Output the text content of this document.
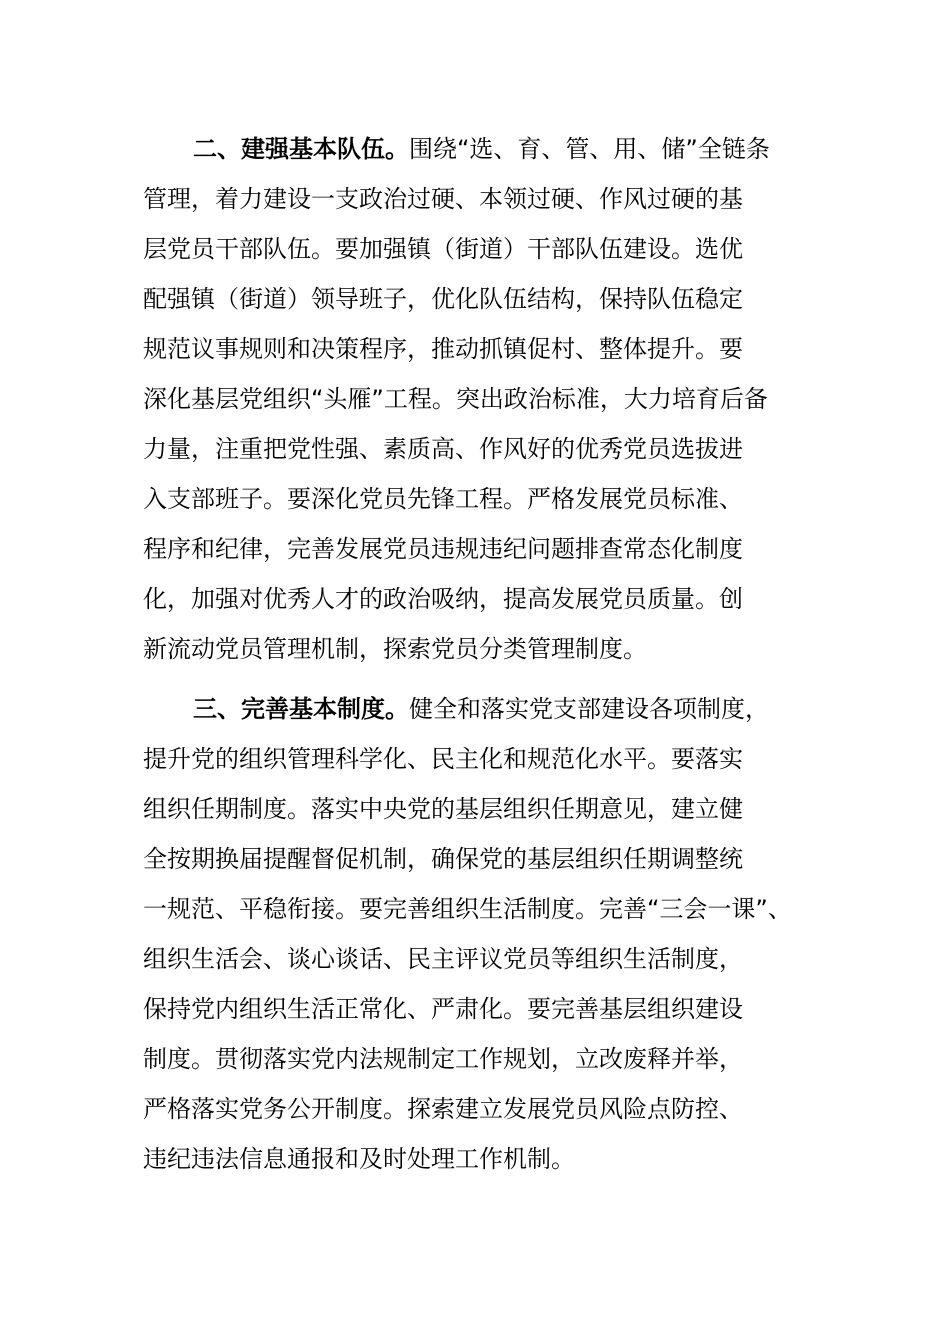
二、建强基本队伍。围绕“选、育、管、用、储”全链条
管理，着力建设一支政治过硬、本领过硬、作风过硬的基
层党员干部队伍。要加强镇（街道）干部队伍建设。选优
配强镇（街道）领导班子，优化队伍结构，保持队伍稳定
规范议事规则和决策程序，推动抓镇促村、整体提升。要
深化基层党组织“头雁”工程。突出政治标准，大力培育后备
力量，注重把党性强、素质高、作风好的优秀党员选拔进
入支部班子。要深化党员先锋工程。严格发展党员标准、
程序和纪律，完善发展党员违规违纪问题排查常态化制度
化，加强对优秀人才的政治吸纳，提高发展党员质量。创
新流动党员管理机制，探索党员分类管理制度。
三、完善基本制度。健全和落实党支部建设各项制度，
提升党的组织管理科学化、民主化和规范化水平。要落实
组织任期制度。落实中央党的基层组织任期意见，建立健
全按期换届提醒督促机制，确保党的基层组织任期调整统
一规范、平稳衔接。要完善组织生活制度。完善“三会一课”、
组织生活会、谈心谈话、民主评议党员等组织生活制度，
保持党内组织生活正常化、严肃化。要完善基层组织建设
制度。贯彻落实党内法规制定工作规划，立改废释并举，
严格落实党务公开制度。探索建立发展党员风险点防控、
违纪违法信息通报和及时处理工作机制。
